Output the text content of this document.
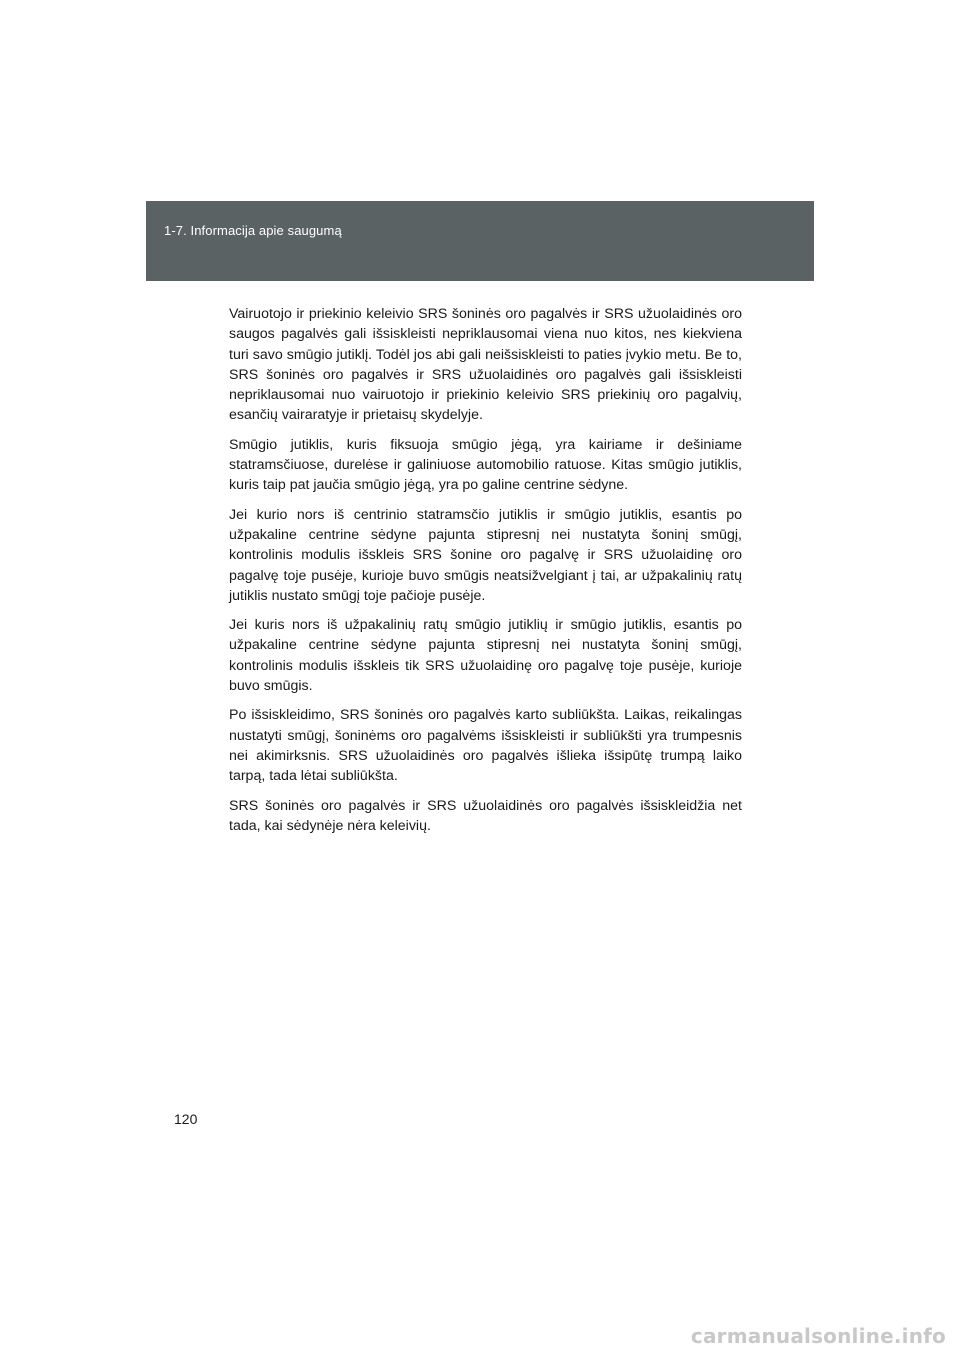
1-7. Informacija apie saugumą

Vairuotojo ir priekinio keleivio SRS šoninės oro pagalvės ir SRS užuolaidinės oro saugos pagalvės gali išsiskleisti nepriklausomai viena nuo kitos, nes kiekviena turi savo smūgio jutiklį. Todėl jos abi gali neišsiskleisti to paties įvykio metu. Be to, SRS šoninės oro pagalvės ir SRS užuolaidinės oro pagalvės gali išsiskleisti nepriklausomai nuo vairuotojo ir priekinio keleivio SRS priekinių oro pagalvių, esančių vairaratyje ir prietaisų skydelyje.

Smūgio jutiklis, kuris fiksuoja smūgio jėgą, yra kairiame ir dešiniame statramsčiuose, durelėse ir galiniuose automobilio ratuose. Kitas smūgio jutiklis, kuris taip pat jaučia smūgio jėgą, yra po galine centrine sėdyne.

Jei kurio nors iš centrinio statramsčio jutiklis ir smūgio jutiklis, esantis po užpakaline centrine sėdyne pajunta stipresnį nei nustatyta šoninį smūgį, kontrolinis modulis išskleis SRS šonine oro pagalvę ir SRS užuolaidinę oro pagalvę toje pusėje, kurioje buvo smūgis neatsižvelgiant į tai, ar užpakalinių ratų jutiklis nustato smūgį toje pačioje pusėje.

Jei kuris nors iš užpakalinių ratų smūgio jutiklių ir smūgio jutiklis, esantis po užpakaline centrine sėdyne pajunta stipresnį nei nustatyta šoninį smūgį, kontrolinis modulis išskleis tik SRS užuolaidinę oro pagalvę toje pusėje, kurioje buvo smūgis.

Po išsiskleidimo, SRS šoninės oro pagalvės karto subliūkšta. Laikas, reikalingas nustatyti smūgį, šoninėms oro pagalvėms išsiskleisti ir subliūkšti yra trumpesnis nei akimirksnis. SRS užuolaidinės oro pagalvės išlieka išsipūtę trumpą laiko tarpą, tada lėtai subliūkšta.

SRS šoninės oro pagalvės ir SRS užuolaidinės oro pagalvės išsiskleidžia net tada, kai sėdynėje nėra keleivių.

120
carmanualsonline.info
